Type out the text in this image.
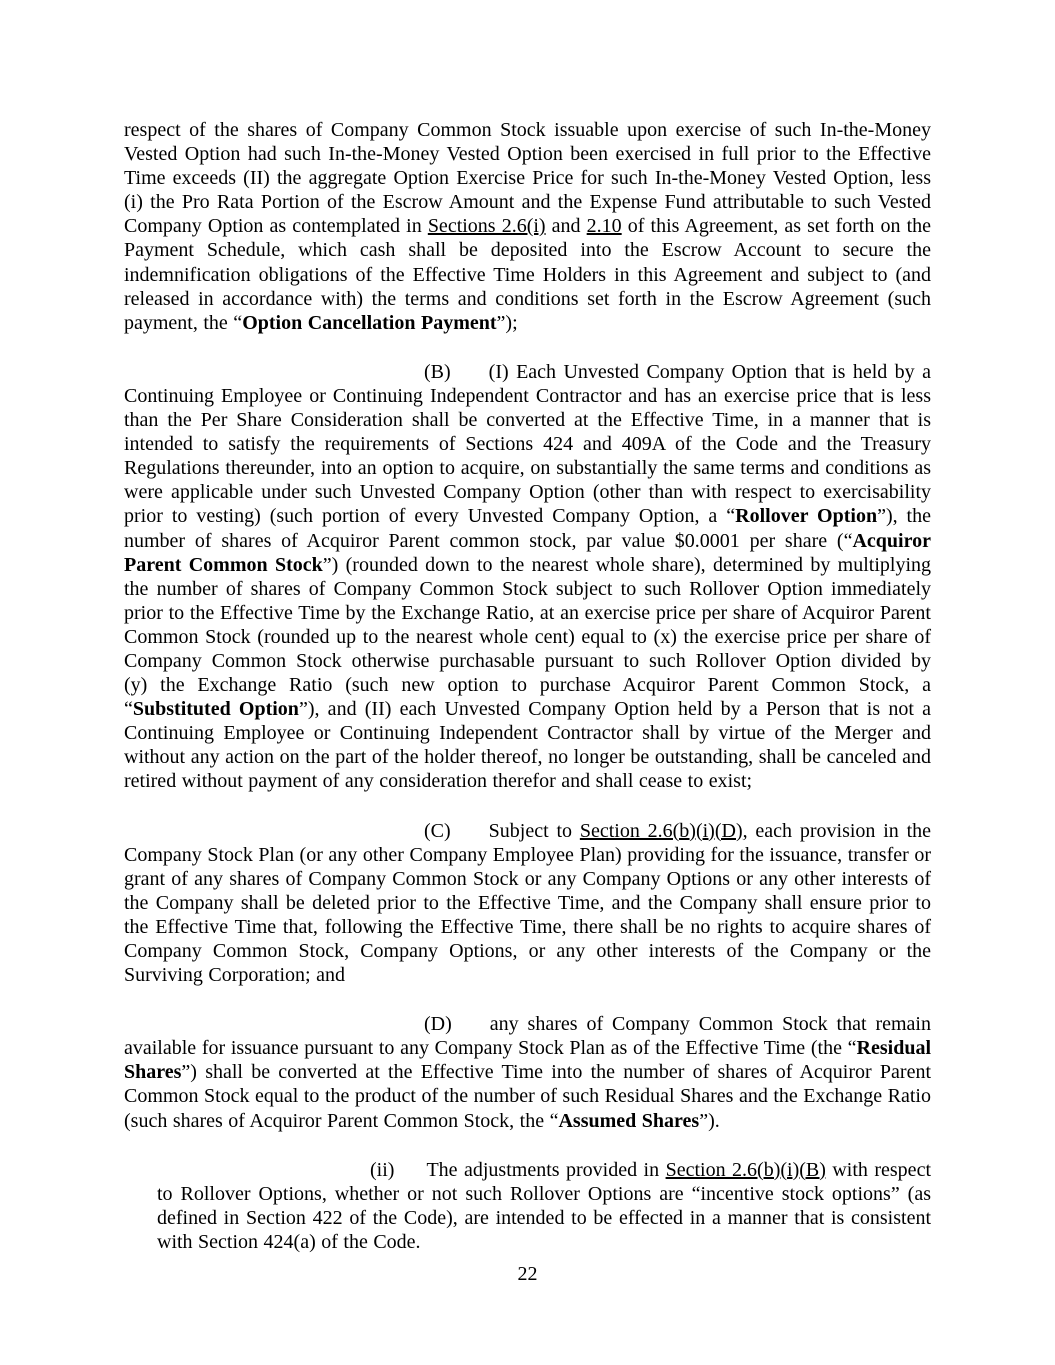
respect of the shares of Company Common Stock issuable upon exercise of such In-the-Money Vested Option had such In-the-Money Vested Option been exercised in full prior to the Effective Time exceeds (II) the aggregate Option Exercise Price for such In-the-Money Vested Option, less (i) the Pro Rata Portion of the Escrow Amount and the Expense Fund attributable to such Vested Company Option as contemplated in Sections 2.6(i) and 2.10 of this Agreement, as set forth on the Payment Schedule, which cash shall be deposited into the Escrow Account to secure the indemnification obligations of the Effective Time Holders in this Agreement and subject to (and released in accordance with) the terms and conditions set forth in the Escrow Agreement (such payment, the “Option Cancellation Payment”);

(B) (I) Each Unvested Company Option that is held by a Continuing Employee or Continuing Independent Contractor and has an exercise price that is less than the Per Share Consideration shall be converted at the Effective Time, in a manner that is intended to satisfy the requirements of Sections 424 and 409A of the Code and the Treasury Regulations thereunder, into an option to acquire, on substantially the same terms and conditions as were applicable under such Unvested Company Option (other than with respect to exercisability prior to vesting) (such portion of every Unvested Company Option, a “Rollover Option”), the number of shares of Acquiror Parent common stock, par value $0.0001 per share (“Acquiror Parent Common Stock”) (rounded down to the nearest whole share), determined by multiplying the number of shares of Company Common Stock subject to such Rollover Option immediately prior to the Effective Time by the Exchange Ratio, at an exercise price per share of Acquiror Parent Common Stock (rounded up to the nearest whole cent) equal to (x) the exercise price per share of Company Common Stock otherwise purchasable pursuant to such Rollover Option divided by (y) the Exchange Ratio (such new option to purchase Acquiror Parent Common Stock, a “Substituted Option”), and (II) each Unvested Company Option held by a Person that is not a Continuing Employee or Continuing Independent Contractor shall by virtue of the Merger and without any action on the part of the holder thereof, no longer be outstanding, shall be canceled and retired without payment of any consideration therefor and shall cease to exist;

(C) Subject to Section 2.6(b)(i)(D), each provision in the Company Stock Plan (or any other Company Employee Plan) providing for the issuance, transfer or grant of any shares of Company Common Stock or any Company Options or any other interests of the Company shall be deleted prior to the Effective Time, and the Company shall ensure prior to the Effective Time that, following the Effective Time, there shall be no rights to acquire shares of Company Common Stock, Company Options, or any other interests of the Company or the Surviving Corporation; and

(D) any shares of Company Common Stock that remain available for issuance pursuant to any Company Stock Plan as of the Effective Time (the “Residual Shares”) shall be converted at the Effective Time into the number of shares of Acquiror Parent Common Stock equal to the product of the number of such Residual Shares and the Exchange Ratio (such shares of Acquiror Parent Common Stock, the “Assumed Shares”).

(ii) The adjustments provided in Section 2.6(b)(i)(B) with respect to Rollover Options, whether or not such Rollover Options are “incentive stock options” (as defined in Section 422 of the Code), are intended to be effected in a manner that is consistent with Section 424(a) of the Code.

22
